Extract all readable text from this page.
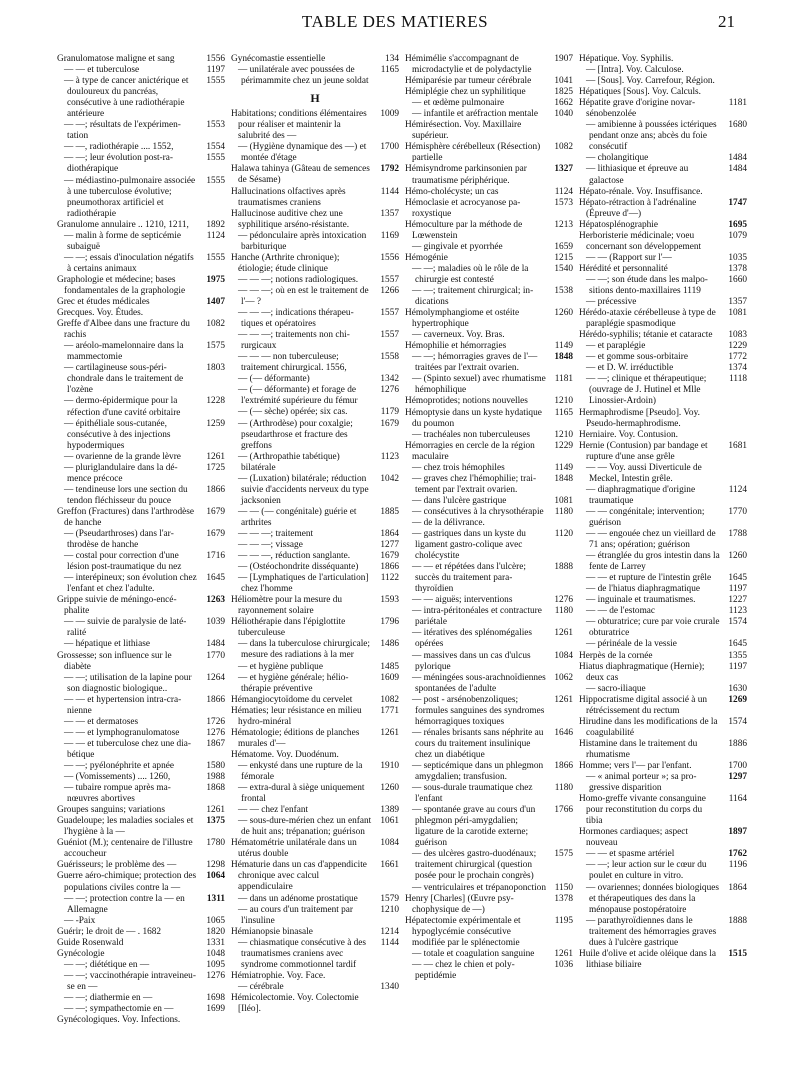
TABLE DES MATIERES	21
Granulomatose maligne et sang	1556
— — et tuberculose	1197
— à type de cancer anictérique et douloureux du pancréas, consécutive à une radiothérapie antérieure
1555
— —; résultats de l'expérimentation
1553
— —, radiothérapie .... 1552,	1554
— —; leur évolution post-radiothérapique
1555
— médiastino-pulmonaire associée à une tuberculose évolutive; pneumothorax artificiel et radiothérapie
1555
Granulome annulaire .. 1210, 1211,	1892
— malin à forme de septicémie subaiguë
1124
— —; essais d'inoculation négatifs à certains animaux
1555
Graphologie et médecine; bases fondamentales de la graphologie
1975
Grec et études médicales	1407
Grecques. Voy. Études.
Greffe d'Albee dans une fracture du rachis
1082
— aréolo-mamelonnaire dans la mammectomie
1575
— cartilagineuse sous-périchondrale dans le traitement de l'ozène
1803
— dermo-épidermique pour la réfection d'une cavité orbitaire
1228
— épithéliale sous-cutanée, consécutive à des injections hypodermiques
1259
— ovarienne de la grande lèvre	1261
— pluriglandulaire dans la démence précoce
1725
— tendineuse lors une section du tendon fléchisseur du pouce
1866
Greffon (Fractures) dans l'arthrodèse de hanche
1679
— (Pseudarthroses) dans l'arthrodèse de hanche
1679
— costal pour correction d'une lésion post-traumatique du nez
1716
— interépineux; son évolution chez l'enfant et chez l'adulte.
1645
Grippe suivie de méningo-encéphalite
1263
— — suivie de paralysie de latéralité
1039
— hépatique et lithiase	1484
Grossesse; son influence sur le diabète
1770
— —; utilisation de la lapine pour son diagnostic biologique..
1264
— — et hypertension intra-cranienne
1866
— — et dermatoses	1726
— — et lymphogranulomatose	1276
— — et tuberculose chez une diabétique
1867
— —; pyélonéphrite et apnée	1580
— (Vomissements) .... 1260,	1988
— tubaire rompue après manœuvres abortives
1868
Groupes sanguins; variations	1261
Guadeloupe; les maladies sociales et l'hygiène à la —
1375
Guéniot (M.); centenaire de l'illustre accoucheur
1780
Guérisseurs; le problème des —	1298
Guerre aéro-chimique; protection des populations civiles contre la —
1064
— —; protection contre la — en Allemagne
1311
— -Paix	1065
Guérir; le droit de — . 1682	1820
Guide Rosenwald	1331
Gynécologie	1048
— —; diététique en —	1095
— —; vaccinothérapie intraveineuse en —
1276
— —; diathermie en —	1698
— —; sympathectomie en —	1699
Gynécologiques. Voy. Infections.
Gynécomastie essentielle	134
— unilatérale avec poussées de périmammite chez un jeune soldat
1165
H
Habitations; conditions élémentaires pour réaliser et maintenir la salubrité des —
1009
— (Hygiène dynamique des —) et montée d'étage
1700
Halawa tahinya (Gâteau de semences de Sésame)
1792
Hallucinations olfactives après traumatismes craniens
1144
Hallucinose auditive chez une syphilitique arséno-résistante.
1357
— pédonculaire après intoxication barbiturique
1169
Hanche (Arthrite chronique); étiologie; étude clinique
1556
— — —; notions radiologiques.	1557
— — —; où en est le traitement de l'— ?
1266
— — —; indications thérapeutiques et opératoires
1557
— — —; traitements non chirurgicaux
1557
— — — non tuberculeuse; traitement chirurgical. 1556,
1558
— (— déformante)	1342
— (— déformante) et forage de l'extrémité supérieure du fémur
1276
— (— sèche) opérée; six cas.	1179
— (Arthrodèse) pour coxalgie; pseudarthrose et fracture des greffons
1679
— (Arthropathie tabétique) bilatérale
1123
— (Luxation) bilatérale; réduction suivie d'accidents nerveux du type jacksonien
1042
— — (— congénitale) guérie et arthrites
1885
— — —; traitement	1864
— — —; vissage	1277
— — —, réduction sanglante.	1679
— (Ostéochondrite disséquante)	1866
— [Lymphatiques de l'articulation] chez l'homme
1122
Héliomètre pour la mesure du rayonnement solaire
1593
Héliothérapie dans l'épiglottite tuberculeuse
1796
— dans la tuberculose chirurgicale; mesure des radiations à la mer
1486
— et hygiène publique	1485
— et hygiène générale; héliothérapie préventive
1609
Hémangiocytoïdome du cervelet	1082
Hématies; leur résistance en milieu hydro-minéral
1771
Hématologie; éditions de planches murales d'—
1261
Hématome. Voy. Duodénum.
— enkysté dans une rupture de la fémorale
1910
— extra-dural à siège uniquement frontal
1260
— — chez l'enfant	1389
— sous-dure-mérien chez un enfant de huit ans; trépanation; guérison
1061
Hématométrie unilatérale dans un utérus double
1084
Hématurie dans un cas d'appendicite chronique avec calcul appendiculaire
1661
— dans un adénome prostatique	1579
— au cours d'un traitement par l'insuline
1210
Hémianopsie binasale	1214
— chiasmatique consécutive à des traumatismes craniens avec syndrome commotionnel tardif
1144
Hémiatrophie. Voy. Face.
— cérébrale	1340
Hémicolectomie. Voy. Colectomie [Iléo].
Hémimélie s'accompagnant de microdactylie et de polydactylie
1907
Hémiparésie par tumeur cérébrale	1041
Hémiplégie chez un syphilitique	1825
— et œdème pulmonaire	1662
— infantile et aréfraction mentale	1040
Hémirésection. Voy. Maxillaire supérieur.
Hémisphère cérébelleux (Résection) partielle
1082
Hémisyndrome parkinsonien par traumatisme périphérique.
1327
Hémo-cholécyste; un cas	1124
Hémoclasie et acrocyanose paroxystique
1573
Hémoculture par la méthode de Lœwenstein
1213
— gingivale et pyorrhée	1659
Hémogénie	1215
— —; maladies où le rôle de la chirurgie est contesté
1540
— —; traitement chirurgical; indications
1538
Hémolymphangiome et ostéite hypertrophique
1260
— caverneux. Voy. Bras.
Hémophilie et hémorragies	1149
— —; hémorragies graves de l'— traitées par l'extrait ovarien.
1848
— (Spinto sexuel) avec rhumatisme hémophilique
1181
Hémoprotides; notions nouvelles	1210
Hémoptysie dans un kyste hydatique du poumon
1165
— trachéales non tuberculeuses	1210
Hémorragies en cercle de la région maculaire
1229
— chez trois hémophiles	1149
— graves chez l'hémophilie; traitement par l'extrait ovarien.
1848
— dans l'ulcère gastrique	1081
— consécutives à la chrysothérapie	1180
— de la délivrance.
— gastriques dans un kyste du ligament gastro-colique avec cholécystite
1120
— — et répétées dans l'ulcère; succès du traitement parathyroïdien
1888
— — aiguës; interventions	1276
— intra-péritonéales et contracture pariétale
1180
— itératives des splénomégalies opérées
1261
— massives dans un cas d'ulcus pylorique
1084
— méningées sous-arachnoïdiennes spontanées de l'adulte
1062
— post - arsénobenzoliques; formules sanguines des syndromes hémorragiques toxiques
1261
— rénales brisants sans néphrite au cours du traitement insulinique chez un diabétique
1646
— septicémique dans un phlegmon amygdalien; transfusion.
1866
— sous-durale traumatique chez l'enfant
1180
— spontanée grave au cours d'un phlegmon péri-amygdalien; ligature de la carotide externe; guérison
1766
— des ulcères gastro-duodénaux; traitement chirurgical (question posée pour le prochain congrès)
1575
— ventriculaires et trépanoponction 1150
Henry [Charles] (Œuvre psychophysique de —)
1378
Hépatectomie expérimentale et hypoglycémie consécutive modifiée par le splénectomie
1195
— totale et coagulation sanguine	1261
— — chez le chien et polypeptidémie
1036
Hépatique. Voy. Syphilis.
— [Intra]. Voy. Calculose.
— [Sous]. Voy. Carrefour, Région.
Hépatiques [Sous]. Voy. Calculs.
Hépatite grave d'origine novarsénobenzolée
1181
— amibienne à poussées ictériques pendant onze ans; abcès du foie consécutif
1680
— cholangitique	1484
— lithiasique et épreuve au galactose
1484
Hépato-rénale. Voy. Insuffisance.
Hépato-rétraction à l'adrénaline (Épreuve d'—)
1747
Hépatosplénographie	1695
Herboristerie médicinale; voeu concernant son développement
1079
— — (Rapport sur l'—	1035
Hérédité et personnalité	1378
— —; son étude dans les malpositions dento-maxillaires 1119
1660
— précessive	1357
Hérédo-ataxie cérébelleuse à type de paraplégie spasmodique
1081
Hérédo-syphilis; tétanie et cataracte	1083
— et paraplégie	1229
— et gomme sous-orbitaire	1772
— et D. W. irréductible	1374
— —; clinique et thérapeutique; (ouvrage de J. Hutinel et Mlle Linossier-Ardoin)
1118
Hermaphrodisme [Pseudo]. Voy. Pseudo-hermaphrodisme.
Herniaire. Voy. Contusion.
Hernie (Contusion) par bandage et rupture d'une anse grêle
1681
— — Voy. aussi Diverticule de Meckel, Intestin grêle.
— diaphragmatique d'origine traumatique
1124
— — congénitale; intervention; guérison
1770
— — engouée chez un vieillard de 71 ans; opération; guérison
1788
— étranglée du gros intestin dans la fente de Larrey
1260
— — et rupture de l'intestin grêle	1645
— de l'hiatus diaphragmatique	1197
— inguinale et traumatismes.	1227
— — de l'estomac	1123
— obturatrice; cure par voie crurale obturatrice
1574
— périnéale de la vessie	1645
Herpès de la cornée	1355
Hiatus diaphragmatique (Hernie); deux cas
1197
— sacro-iliaque	1630
Hippocratisme digital associé à un rétrécissement du rectum
1269
Hirudine dans les modifications de la coagulabilité
1574
Histamine dans le traitement du rhumatisme
1886
Homme; vers l'— par l'enfant.	1700
— « animal porteur »; sa progressive disparition
1297
Homo-greffe vivante consanguine pour reconstitution du corps du tibia
1164
Hormones cardiaques; aspect nouveau
1897
— — et spasme artériel	1762
— —; leur action sur le cœur du poulet en culture in vitro.
1196
— ovariennes; données biologiques et thérapeutiques des dans la ménopause postopératoire
1864
— parathyroïdiennes dans le traitement des hémorragies graves dues à l'ulcère gastrique
1888
Huile d'olive et acide oléique dans la lithiase biliaire
1515
